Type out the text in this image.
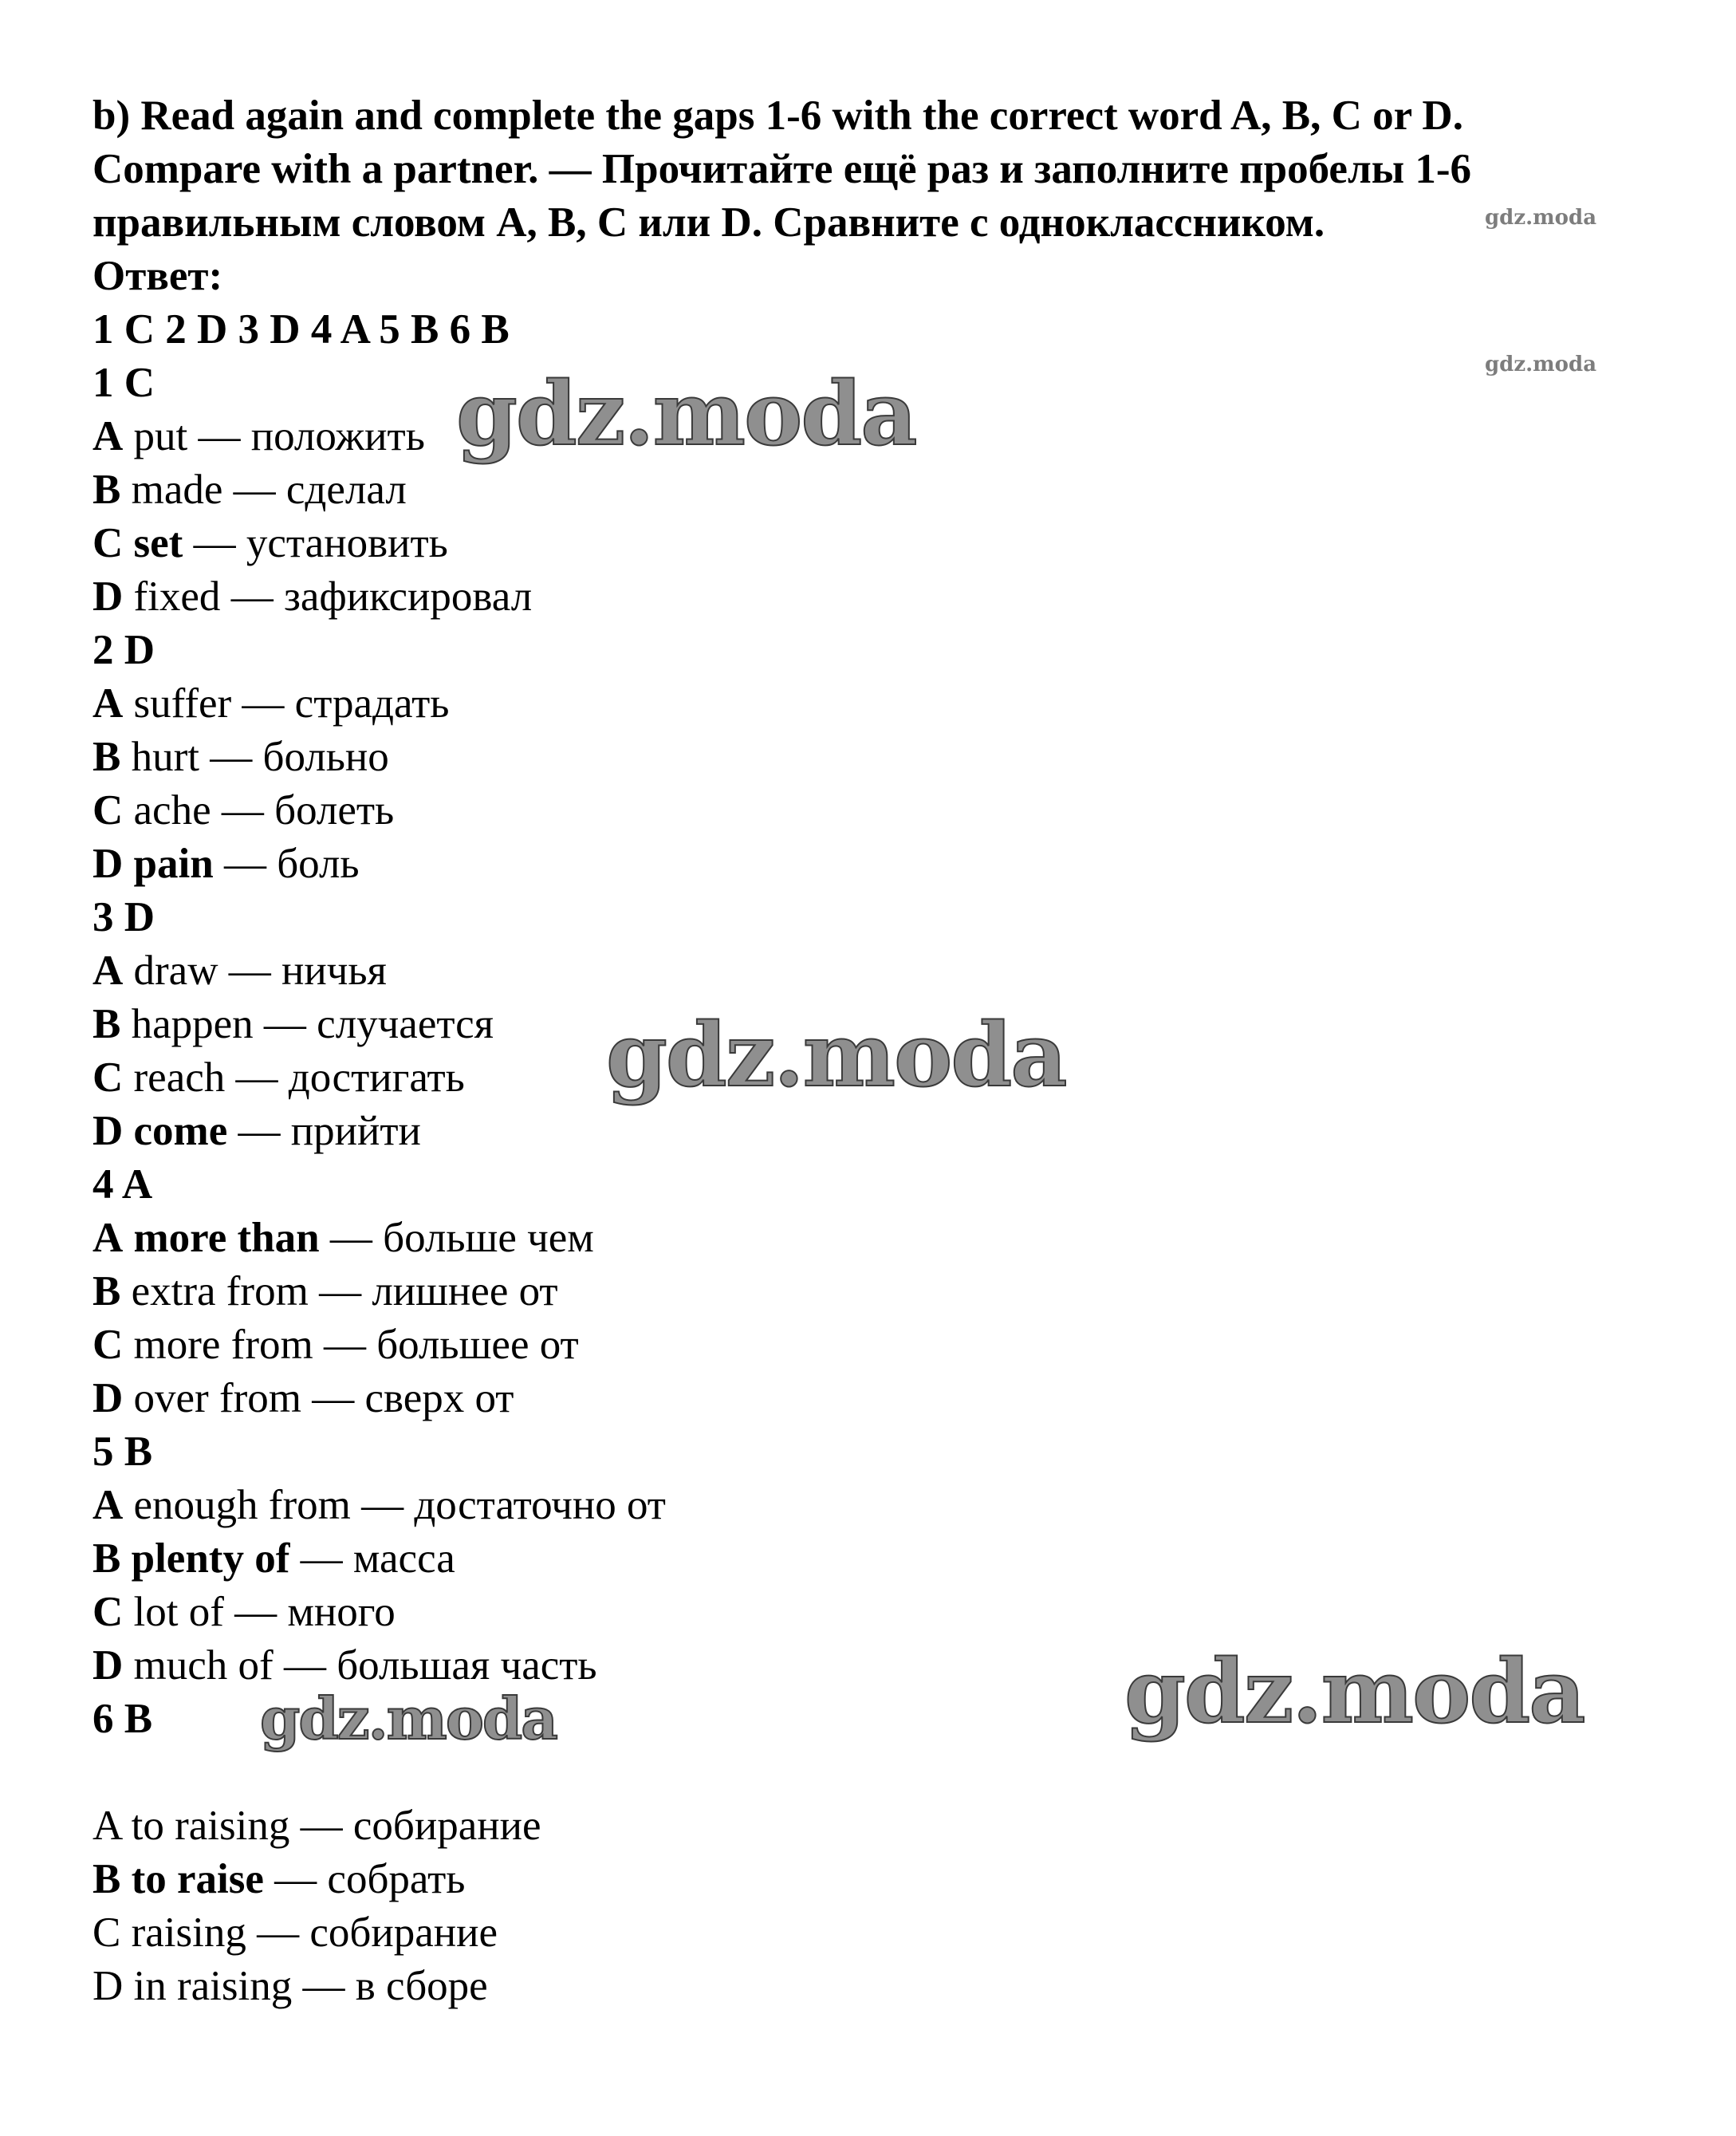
b) Read again and complete the gaps 1-6 with the correct word A, B, C or D.
Compare with a partner. — Прочитайте ещё раз и заполните пробелы 1-6
правильным словом A, B, C или D. Сравните с одноклассником.
Ответ:
1 C 2 D 3 D 4 A 5 B 6 B
1 C
A put — положить
B made — сделал
C set — установить
D fixed — зафиксировал
2 D
A suffer — страдать
B hurt — больно
C ache — болеть
D pain — боль
3 D
A draw — ничья
B happen — случается
C reach — достигать
D come — прийти
4 A
A more than — больше чем
B extra from — лишнее от
C more from — большее от
D over from — сверх от
5 B
A enough from — достаточно от
B plenty of — масса
C lot of — много
D much of — большая часть
6 B
A to raising — собирание
B to raise — собрать
C raising — собирание
D in raising — в сборе
gdz.moda
gdz.moda
gdz.moda
gdz.moda
gdz.moda
gdz.moda
